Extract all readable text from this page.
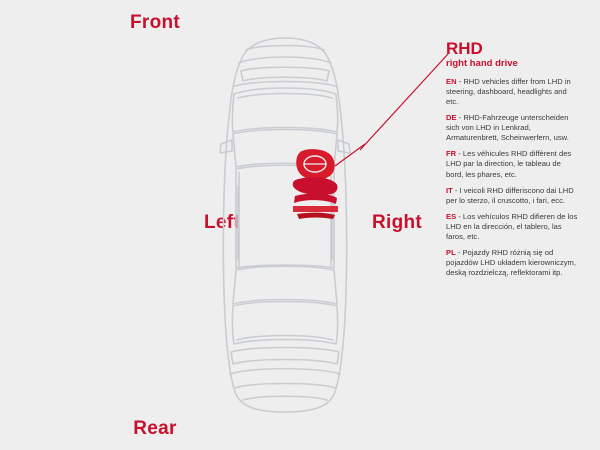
Front
Rear
Left	Right
RHD
right hand drive
EN - RHD vehicles differ from LHD in steering, dashboard, headlights and etc.
DE - RHD-Fahrzeuge unterscheiden sich von LHD in Lenkrad, Armaturenbrett, Scheinwerfern, usw.
FR - Les véhicules RHD diffèrent des LHD par la direction, le tableau de bord, les phares, etc.
IT - I veicoli RHD differiscono dai LHD per lo sterzo, il cruscotto, i fari, ecc.
ES - Los vehículos RHD difieren de los LHD en la dirección, el tablero, las faros, etc.
PL - Pojazdy RHD różnią się od pojazdów LHD układem kierowniczym, deską rozdzielczą, reflektorami itp.
